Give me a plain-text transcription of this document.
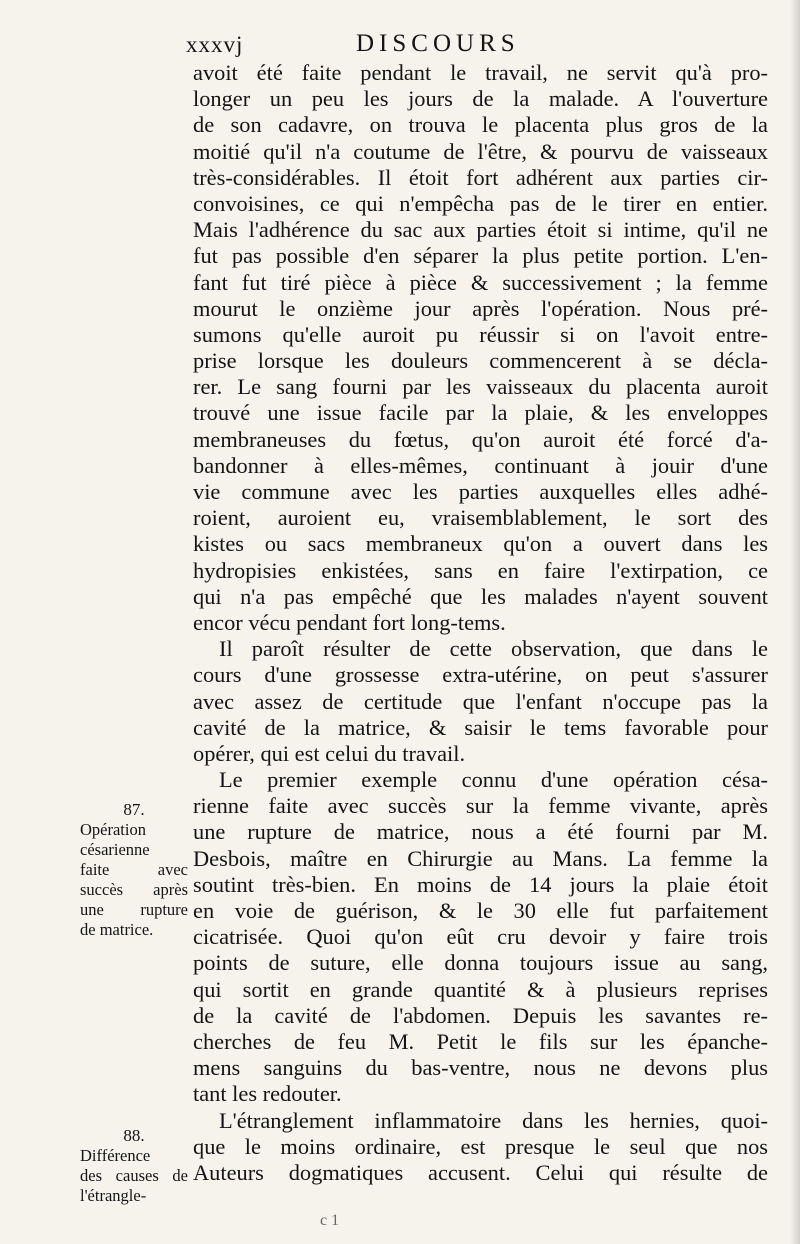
xxxvj	DISCOURS
avoit été faite pendant le travail, ne servit qu'à pro-
longer un peu les jours de la malade. A l'ouverture
de son cadavre, on trouva le placenta plus gros de la
moitié qu'il n'a coutume de l'être, & pourvu de vaisseaux
très-considérables. Il étoit fort adhérent aux parties cir-
convoisines, ce qui n'empêcha pas de le tirer en entier.
Mais l'adhérence du sac aux parties étoit si intime, qu'il ne
fut pas possible d'en séparer la plus petite portion. L'en-
fant fut tiré pièce à pièce & successivement ; la femme
mourut le onzième jour après l'opération. Nous pré-
sumons qu'elle auroit pu réussir si on l'avoit entre-
prise lorsque les douleurs commencerent à se décla-
rer. Le sang fourni par les vaisseaux du placenta auroit
trouvé une issue facile par la plaie, & les enveloppes
membraneuses du fœtus, qu'on auroit été forcé d'a-
bandonner à elles-mêmes, continuant à jouir d'une
vie commune avec les parties auxquelles elles adhé-
roient, auroient eu, vraisemblablement, le sort des
kistes ou sacs membraneux qu'on a ouvert dans les
hydropisies enkistées, sans en faire l'extirpation, ce
qui n'a pas empêché que les malades n'ayent souvent
encor vécu pendant fort long-tems.
Il paroît résulter de cette observation, que dans le
cours d'une grossesse extra-utérine, on peut s'assurer
avec assez de certitude que l'enfant n'occupe pas la
cavité de la matrice, & saisir le tems favorable pour
opérer, qui est celui du travail.
Le premier exemple connu d'une opération césa-
rienne faite avec succès sur la femme vivante, après
une rupture de matrice, nous a été fourni par M.
Desbois, maître en Chirurgie au Mans. La femme la
soutint très-bien. En moins de 14 jours la plaie étoit
en voie de guérison, & le 30 elle fut parfaitement
cicatrisée. Quoi qu'on eût cru devoir y faire trois
points de suture, elle donna toujours issue au sang,
qui sortit en grande quantité & à plusieurs reprises
de la cavité de l'abdomen. Depuis les savantes re-
cherches de feu M. Petit le fils sur les épanche-
mens sanguins du bas-ventre, nous ne devons plus
tant les redouter.
L'étranglement inflammatoire dans les hernies, quoi-
que le moins ordinaire, est presque le seul que nos
Auteurs dogmatiques accusent. Celui qui résulte de
87.
Opération
césarienne
faite avec
succès après
une rupture
de matrice.
88.
Différence
des causes de
l'étrangle-
c 1
